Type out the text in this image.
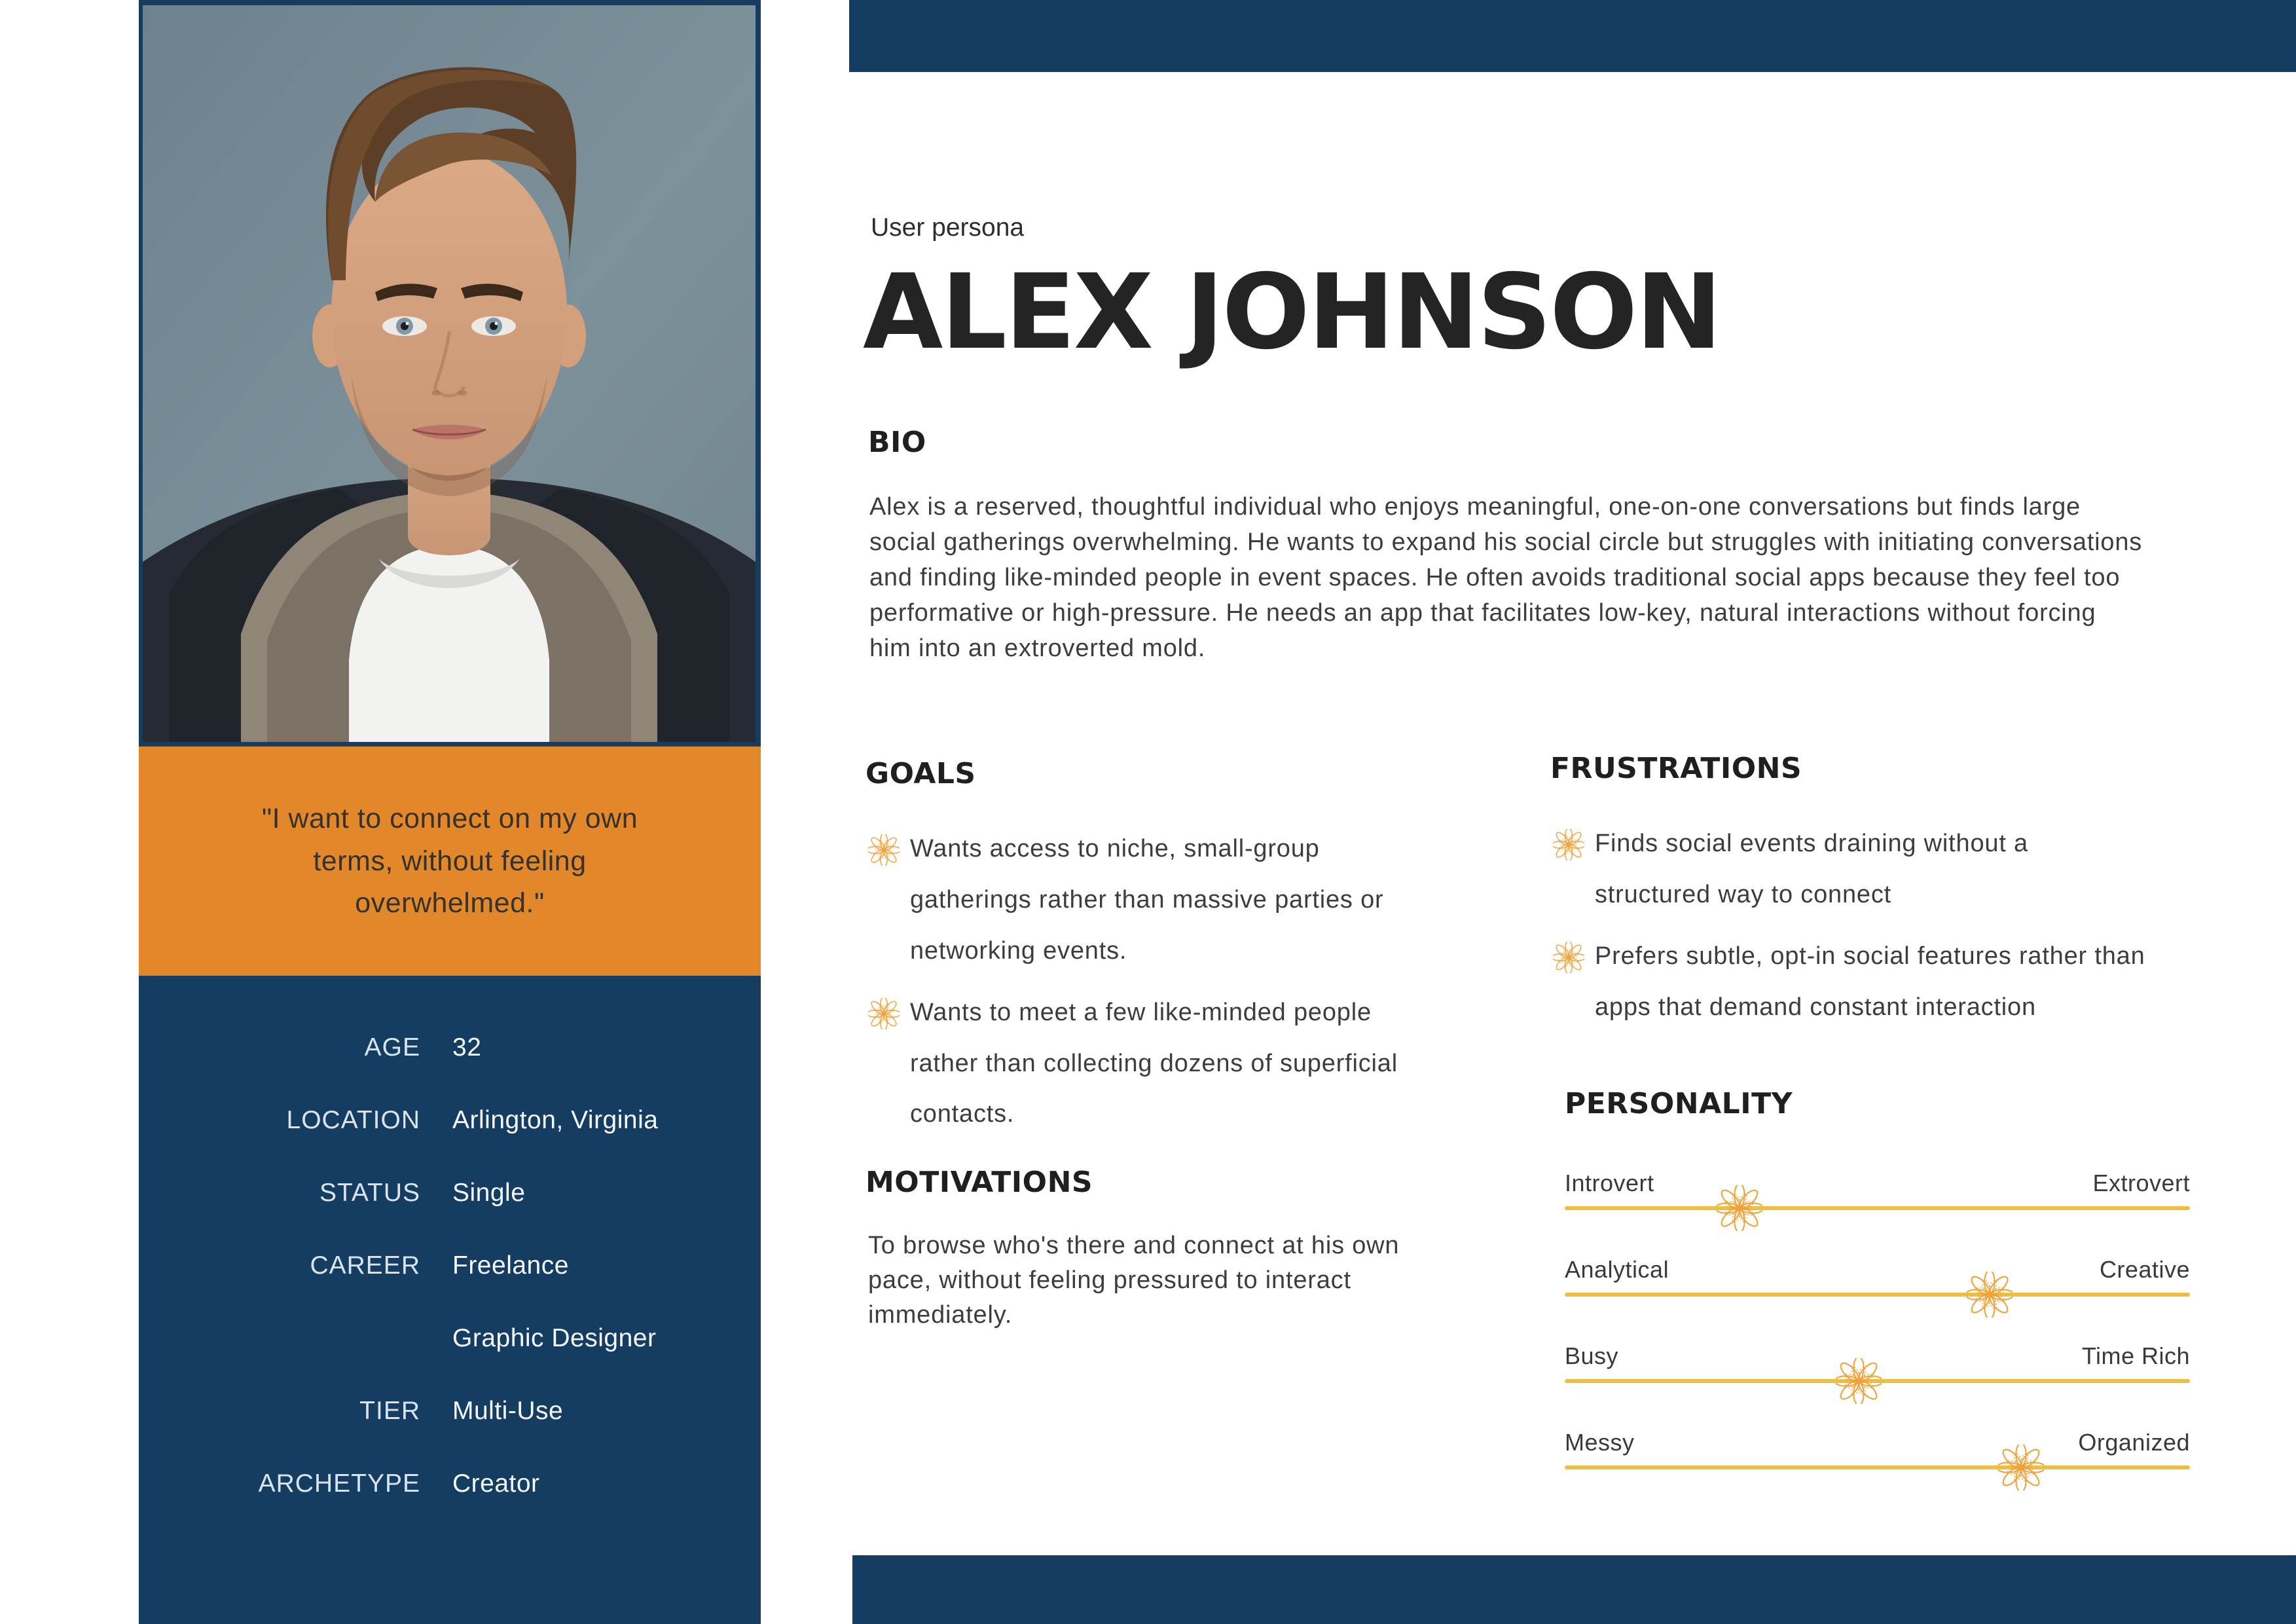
"I want to connect on my own terms, without feeling overwhelmed."
AGE 32
LOCATION Arlington, Virginia
STATUS Single
CAREER Freelance
Graphic Designer
TIER Multi-Use
ARCHETYPE Creator
User persona
ALEX JOHNSON
BIO

Alex is a reserved, thoughtful individual who enjoys meaningful, one-on-one conversations but finds large social gatherings overwhelming. He wants to expand his social circle but struggles with initiating conversations and finding like-minded people in event spaces. He often avoids traditional social apps because they feel too performative or high-pressure. He needs an app that facilitates low-key, natural interactions without forcing him into an extroverted mold.

GOALS
Wants access to niche, small-group gatherings rather than massive parties or networking events.
Wants to meet a few like-minded people rather than collecting dozens of superficial contacts.
FRUSTRATIONS
Finds social events draining without a structured way to connect
Prefers subtle, opt-in social features rather than apps that demand constant interaction
MOTIVATIONS

To browse who's there and connect at his own pace, without feeling pressured to interact immediately.

PERSONALITY
Introvert	Extrovert
Analytical	Creative
Busy	Time Rich
Messy	Organized
